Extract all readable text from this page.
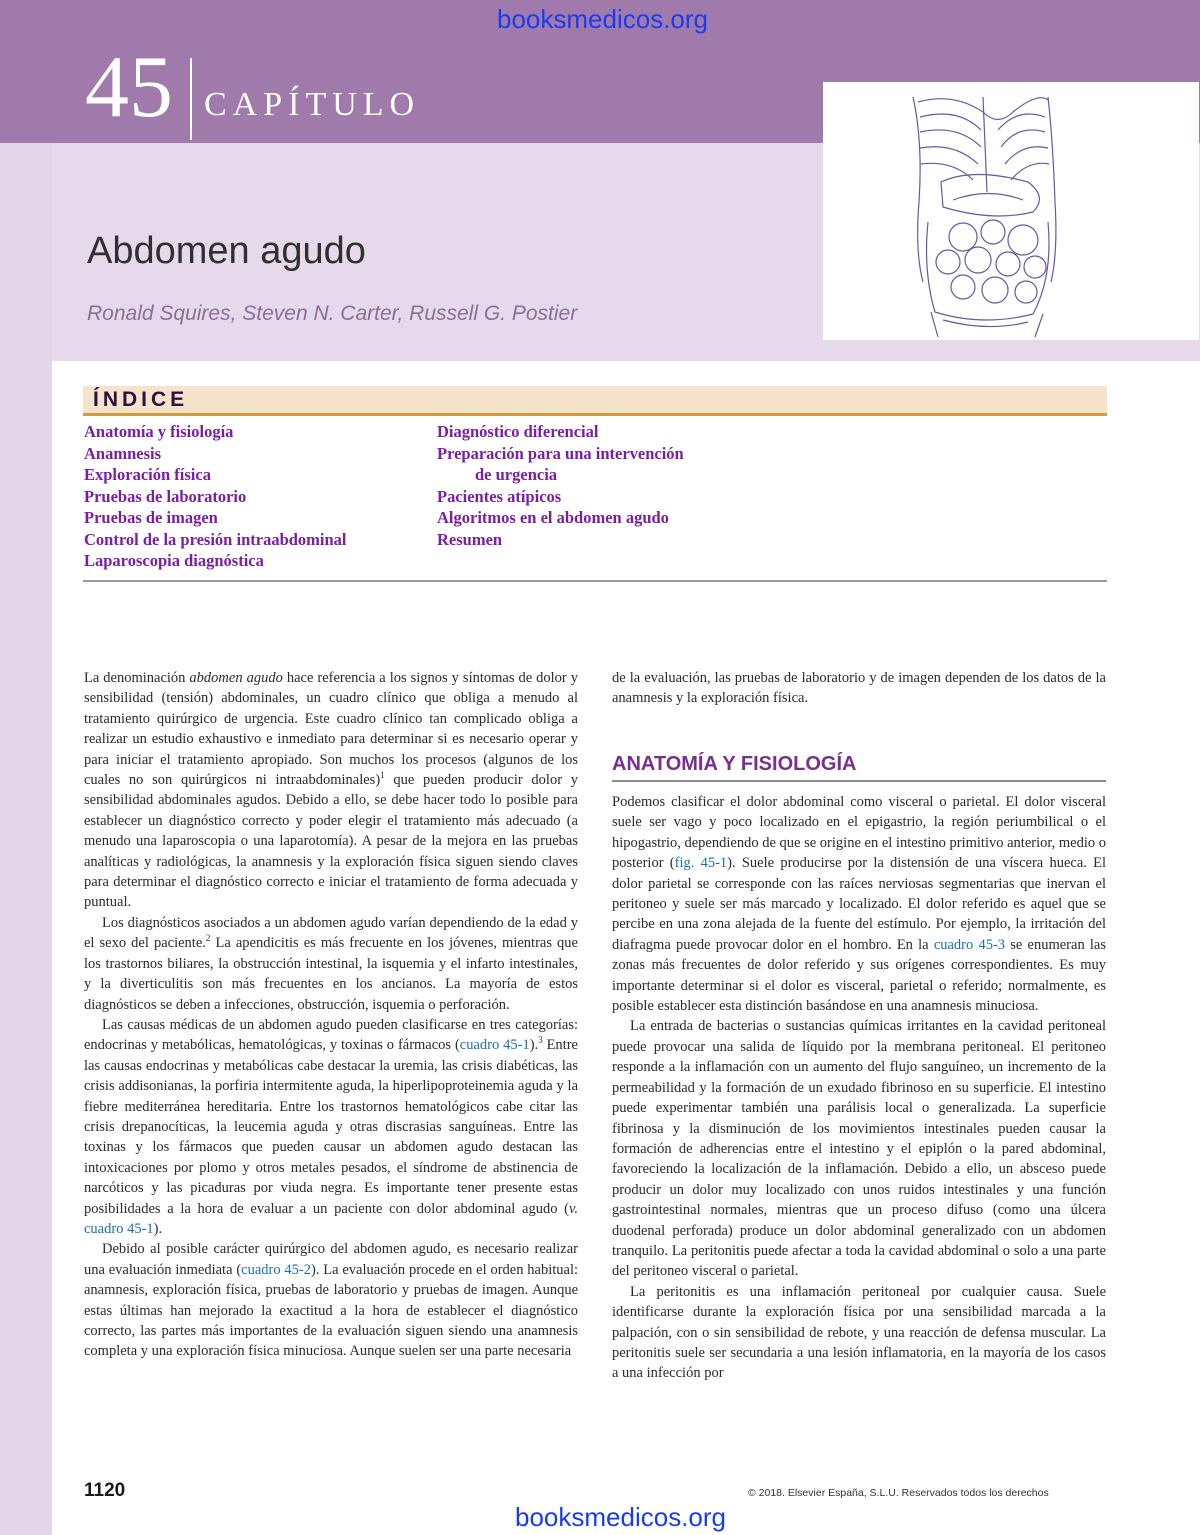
booksmedicos.org
45 CAPÍTULO
Abdomen agudo
Ronald Squires, Steven N. Carter, Russell G. Postier
ÍNDICE
Anatomía y fisiología
Anamnesis
Exploración física
Pruebas de laboratorio
Pruebas de imagen
Control de la presión intraabdominal
Laparoscopia diagnóstica
Diagnóstico diferencial
Preparación para una intervención
de urgencia
Pacientes atípicos
Algoritmos en el abdomen agudo
Resumen

La denominación abdomen agudo hace referencia a los signos y síntomas de dolor y sensibilidad (tensión) abdominales, un cuadro clínico que obliga a menudo al tratamiento quirúrgico de urgencia. Este cuadro clínico tan complicado obliga a realizar un estudio exhaustivo e inmediato para determinar si es necesario operar y para iniciar el tratamiento apropiado. Son muchos los procesos (algunos de los cuales no son quirúrgicos ni intraabdominales)$^1$ que pueden producir dolor y sensibilidad abdominales agudos. Debido a ello, se debe hacer todo lo posible para establecer un diagnóstico correcto y poder elegir el tratamiento más adecuado (a menudo una laparoscopia o una laparotomía). A pesar de la mejora en las pruebas analíticas y radiológicas, la anamnesis y la exploración física siguen siendo claves para determinar el diagnóstico correcto e iniciar el tratamiento de forma adecuada y puntual.

Los diagnósticos asociados a un abdomen agudo varían dependiendo de la edad y el sexo del paciente.$^2$ La apendicitis es más frecuente en los jóvenes, mientras que los trastornos biliares, la obstrucción intestinal, la isquemia y el infarto intestinales, y la diverticulitis son más frecuentes en los ancianos. La mayoría de estos diagnósticos se deben a infecciones, obstrucción, isquemia o perforación.

Las causas médicas de un abdomen agudo pueden clasificarse en tres categorías: endocrinas y metabólicas, hematológicas, y toxinas o fármacos (cuadro 45-1).$^3$ Entre las causas endocrinas y metabólicas cabe destacar la uremia, las crisis diabéticas, las crisis addisonianas, la porfiria intermitente aguda, la hiperlipoproteinemia aguda y la fiebre mediterránea hereditaria. Entre los trastornos hematológicos cabe citar las crisis drepanocíticas, la leucemia aguda y otras discrasias sanguíneas. Entre las toxinas y los fármacos que pueden causar un abdomen agudo destacan las intoxicaciones por plomo y otros metales pesados, el síndrome de abstinencia de narcóticos y las picaduras por viuda negra. Es importante tener presente estas posibilidades a la hora de evaluar a un paciente con dolor abdominal agudo (v. cuadro 45-1).

Debido al posible carácter quirúrgico del abdomen agudo, es necesario realizar una evaluación inmediata (cuadro 45-2). La evaluación procede en el orden habitual: anamnesis, exploración física, pruebas de laboratorio y pruebas de imagen. Aunque estas últimas han mejorado la exactitud a la hora de establecer el diagnóstico correcto, las partes más importantes de la evaluación siguen siendo una anamnesis completa y una exploración física minuciosa. Aunque suelen ser una parte necesaria

de la evaluación, las pruebas de laboratorio y de imagen dependen de los datos de la anamnesis y la exploración física.

ANATOMÍA Y FISIOLOGÍA

Podemos clasificar el dolor abdominal como visceral o parietal. El dolor visceral suele ser vago y poco localizado en el epigastrio, la región periumbilical o el hipogastrio, dependiendo de que se origine en el intestino primitivo anterior, medio o posterior (fig. 45-1). Suele producirse por la distensión de una víscera hueca. El dolor parietal se corresponde con las raíces nerviosas segmentarias que inervan el peritoneo y suele ser más marcado y localizado. El dolor referido es aquel que se percibe en una zona alejada de la fuente del estímulo. Por ejemplo, la irritación del diafragma puede provocar dolor en el hombro. En la cuadro 45-3 se enumeran las zonas más frecuentes de dolor referido y sus orígenes correspondientes. Es muy importante determinar si el dolor es visceral, parietal o referido; normalmente, es posible establecer esta distinción basándose en una anamnesis minuciosa.

La entrada de bacterias o sustancias químicas irritantes en la cavidad peritoneal puede provocar una salida de líquido por la membrana peritoneal. El peritoneo responde a la inflamación con un aumento del flujo sanguíneo, un incremento de la permeabilidad y la formación de un exudado fibrinoso en su superficie. El intestino puede experimentar también una parálisis local o generalizada. La superficie fibrinosa y la disminución de los movimientos intestinales pueden causar la formación de adherencias entre el intestino y el epiplón o la pared abdominal, favoreciendo la localización de la inflamación. Debido a ello, un absceso puede producir un dolor muy localizado con unos ruidos intestinales y una función gastrointestinal normales, mientras que un proceso difuso (como una úlcera duodenal perforada) produce un dolor abdominal generalizado con un abdomen tranquilo. La peritonitis puede afectar a toda la cavidad abdominal o solo a una parte del peritoneo visceral o parietal.

La peritonitis es una inflamación peritoneal por cualquier causa. Suele identificarse durante la exploración física por una sensibilidad marcada a la palpación, con o sin sensibilidad de rebote, y una reacción de defensa muscular. La peritonitis suele ser secundaria a una lesión inflamatoria, en la mayoría de los casos a una infección por

1120	© 2018. Elsevier España, S.L.U. Reservados todos los derechos
booksmedicos.org
